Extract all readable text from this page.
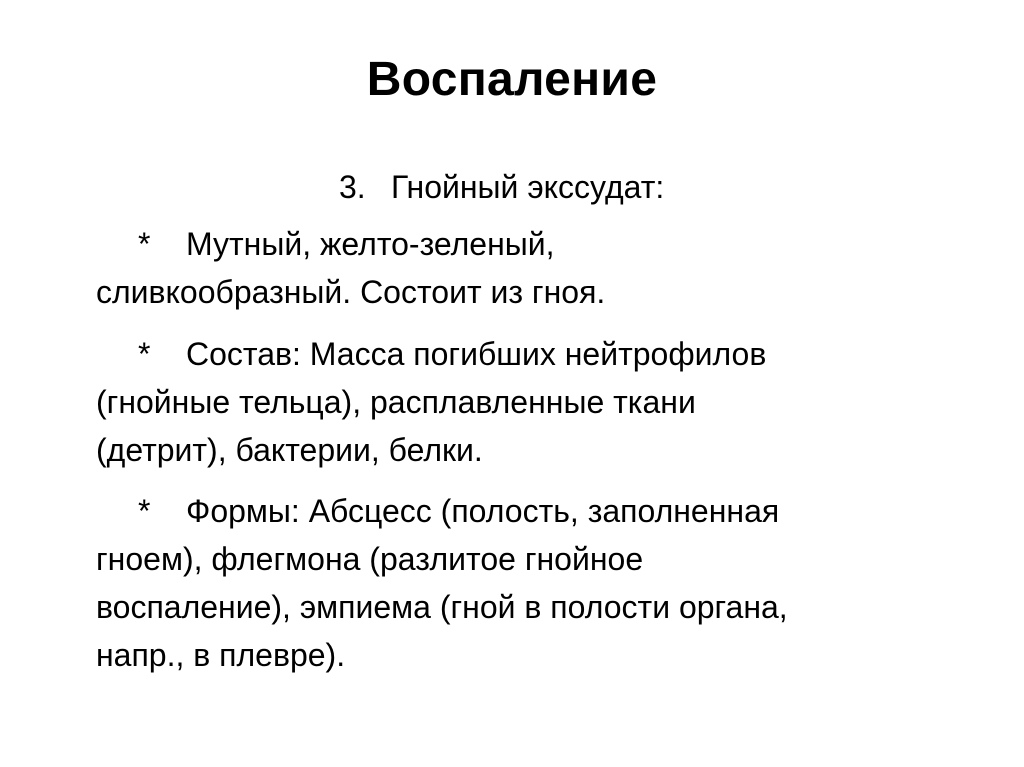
Воспаление
3. Гнойный экссудат:
* Мутный, желто-зеленый,
сливкообразный. Состоит из гноя.
* Состав: Масса погибших нейтрофилов
(гнойные тельца), расплавленные ткани
(детрит), бактерии, белки.
* Формы: Абсцесс (полость, заполненная
гноем), флегмона (разлитое гнойное
воспаление), эмпиема (гной в полости органа,
напр., в плевре).
